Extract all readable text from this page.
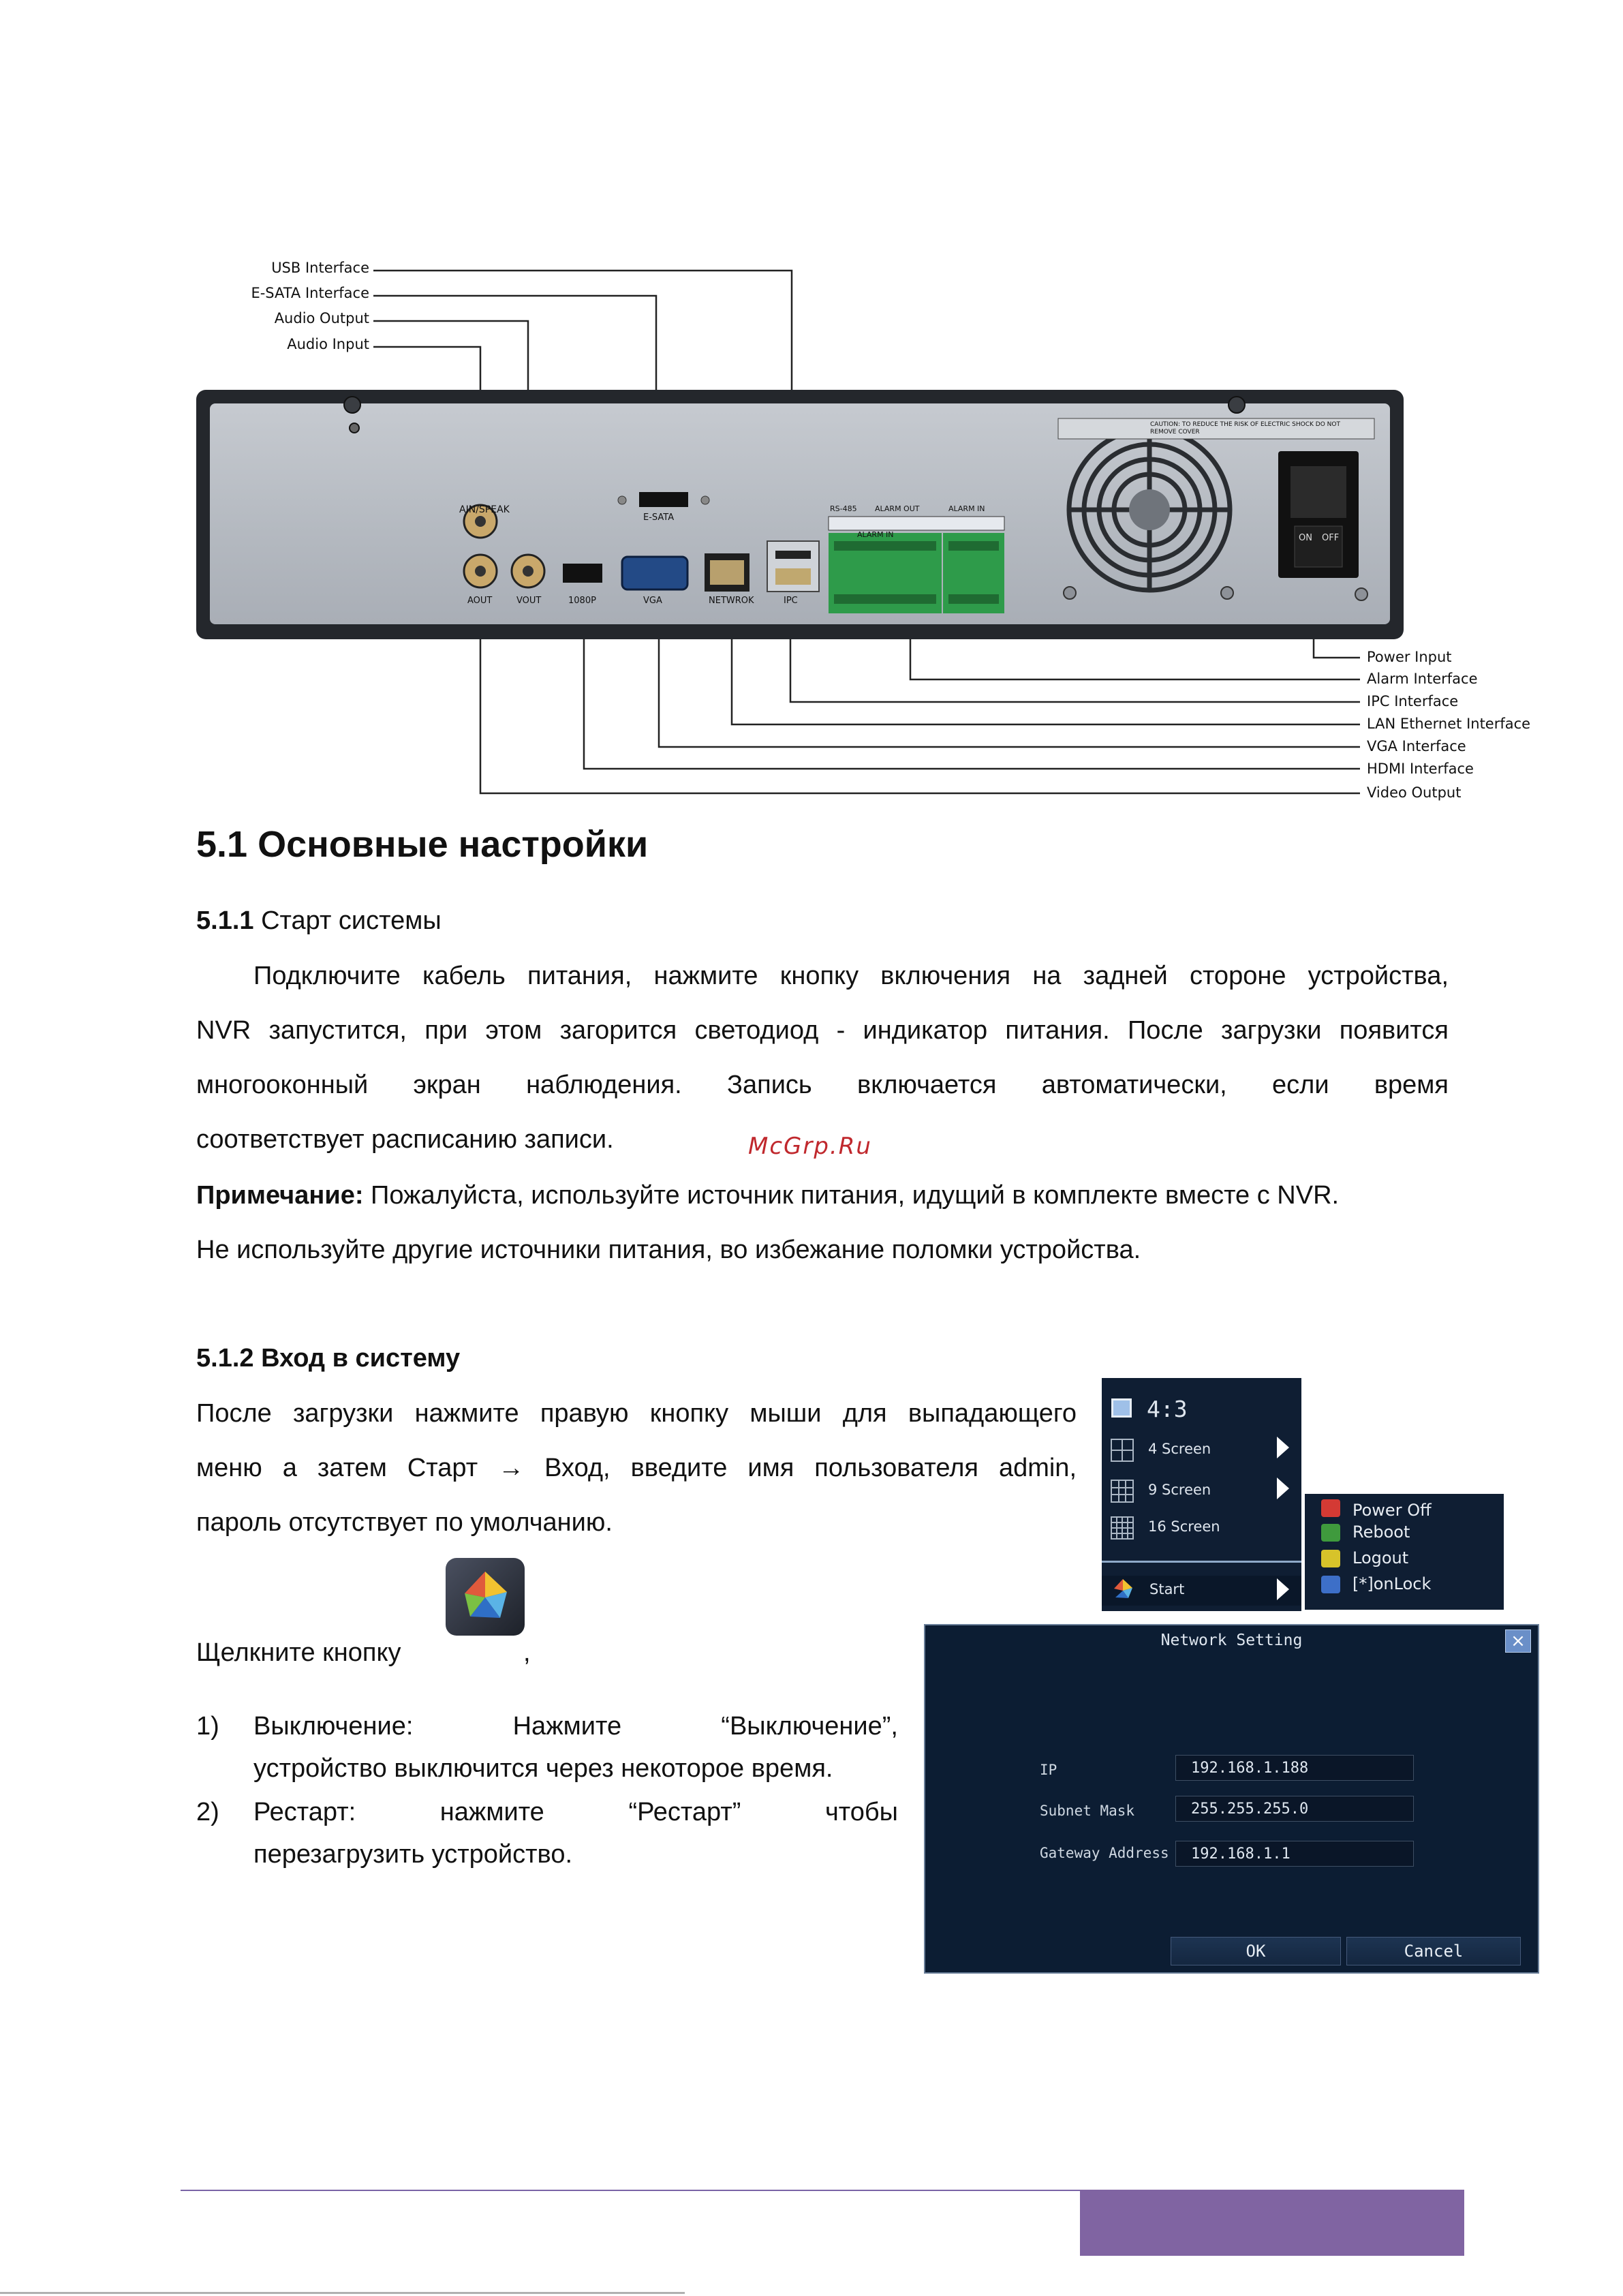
USB Interface
E-SATA Interface
Audio Output
Audio Input
Power Input
Alarm Interface
IPC Interface
LAN Ethernet Interface
VGA Interface
HDMI Interface
Video Output
AIN/SPEAK
E-SATA
AOUT	VOUT	1080P	VGA	NETWROK	IPC
RS-485 ALARM OUT	ALARM IN
ALARM IN
CAUTION: TO REDUCE THE RISK OF ELECTRIC SHOCK DO NOT REMOVE COVER
ON OFF
5.1 Основные настройки
5.1.1 Старт системы
Подключите кабель питания, нажмите кнопку включения на задней стороне устройства,
NVR запустится, при этом загорится светодиод - индикатор питания. После загрузки появится
многооконный экран наблюдения. Запись включается автоматически, если время
соответствует расписанию записи.	McGrp.Ru
Примечание: Пожалуйста, используйте источник питания, идущий в комплекте вместе с NVR.
Не используйте другие источники питания, во избежание поломки устройства.
5.1.2 Вход в систему
После загрузки нажмите правую кнопку мыши для выпадающего
меню а затем Старт → Вход, введите имя пользователя admin,
пароль отсутствует по умолчанию.
Щелкните кнопку	,
1) Выключение: Нажмите “Выключение”,
устройство выключится через некоторое время.
2) Рестарт: нажмите “Рестарт” чтобы
перезагрузить устройство.
4:3
4 Screen
9 Screen
16 Screen
Start
Power Off
Reboot
Logout
[*]onLock
Network Setting	×
IP	192.168.1.188
Subnet Mask	255.255.255.0
Gateway Address	192.168.1.1
OK	Cancel
